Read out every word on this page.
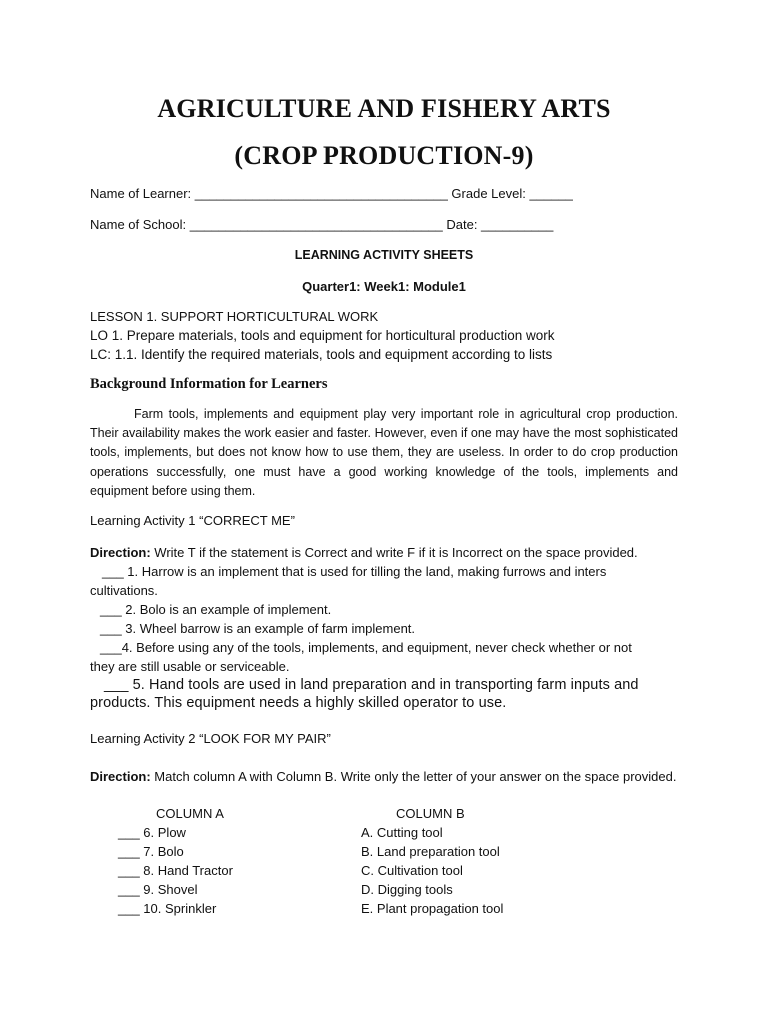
AGRICULTURE AND FISHERY ARTS
(CROP PRODUCTION-9)
Name of Learner: ___________________________________ Grade Level: ______
Name of School: ___________________________________ Date: __________
LEARNING ACTIVITY SHEETS
Quarter1: Week1: Module1
LESSON 1. SUPPORT HORTICULTURAL WORK
LO 1. Prepare materials, tools and equipment for horticultural production work
LC: 1.1. Identify the required materials, tools and equipment according to lists
Background Information for Learners

Farm tools, implements and equipment play very important role in agricultural crop production. Their availability makes the work easier and faster. However, even if one may have the most sophisticated tools, implements, but does not know how to use them, they are useless. In order to do crop production operations successfully, one must have a good working knowledge of the tools, implements and equipment before using them.

Learning Activity 1 “CORRECT ME”
Direction: Write T if the statement is Correct and write F if it is Incorrect on the space provided.
___ 1. Harrow is an implement that is used for tilling the land, making furrows and inters
cultivations.
___ 2. Bolo is an example of implement.
___ 3. Wheel barrow is an example of farm implement.
___4. Before using any of the tools, implements, and equipment, never check whether or not
they are still usable or serviceable.
___ 5. Hand tools are used in land preparation and in transporting farm inputs and
products. This equipment needs a highly skilled operator to use.
Learning Activity 2 “LOOK FOR MY PAIR”
Direction: Match column A with Column B. Write only the letter of your answer on the space provided.
COLUMN A	COLUMN B
___ 6. Plow
___ 7. Bolo
___ 8. Hand Tractor
___ 9. Shovel
___ 10. Sprinkler
A. Cutting tool
B. Land preparation tool
C. Cultivation tool
D. Digging tools
E. Plant propagation tool
